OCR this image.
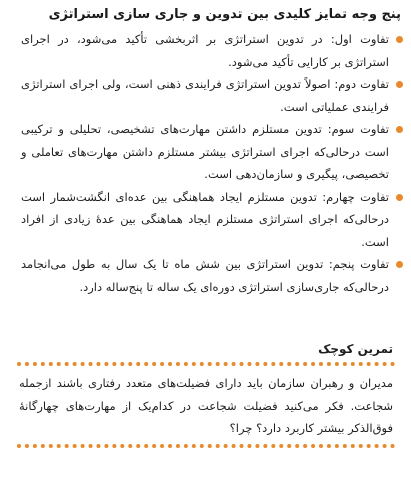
پنج وجه تمایز کلیدی بین تدوین و جاری سازی استراتژی
تفاوت اول: در تدوین استراتژی بر اثربخشی تأکید می‌شود، در اجرای استراتژی بر کارایی تأکید می‌شود.
تفاوت دوم: اصولاً تدوین استراتژی فرایندی ذهنی است، ولی اجرای استراتژی فرایندی عملیاتی است.
تفاوت سوم: تدوین مستلزم داشتن مهارت‌های تشخیصی، تحلیلی و ترکیبی است درحالی‌که اجرای استراتژی بیشتر مستلزم داشتن مهارت‌های تعاملی و تخصیصی، پیگیری و سازمان‌دهی است.
تفاوت چهارم: تدوین مستلزم ایجاد هماهنگی بین عده‌ای انگشت‌شمار است درحالی‌که اجرای استراتژی مستلزم ایجاد هماهنگی بین عدهٔ زیادی از افراد است.
تفاوت پنجم: تدوین استراتژی بین شش ماه تا یک سال به طول می‌انجامد درحالی‌که جاری‌سازی استراتژی دوره‌ای یک ساله تا پنج‌ساله دارد.
تمرین کوچک
مدیران و رهبران سازمان باید دارای فضیلت‌های متعدد رفتاری باشند ازجمله شجاعت. فکر می‌کنید فضیلت شجاعت در کدام‌یک از مهارت‌های چهارگانهٔ فوق‌الذکر بیشتر کاربرد دارد؟ چرا؟
